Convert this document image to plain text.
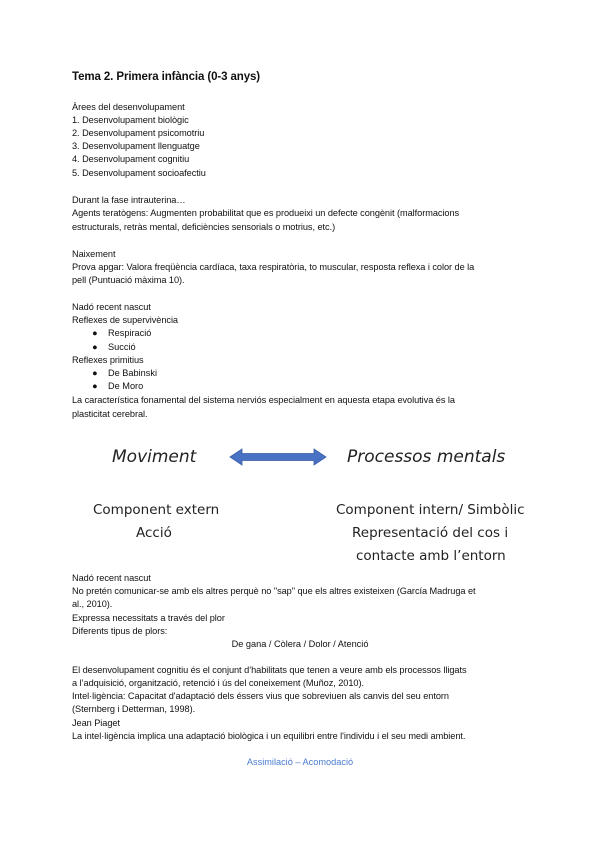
Tema 2. Primera infància (0-3 anys)
Àrees del desenvolupament
1. Desenvolupament biològic
2. Desenvolupament psicomotriu
3. Desenvolupament llenguatge
4. Desenvolupament cognitiu
5. Desenvolupament socioafectiu
Durant la fase intrauterina…
Agents teratògens: Augmenten probabilitat que es produeixi un defecte congènit (malformacions
estructurals, retràs mental, deficiències sensorials o motrius, etc.)
Naixement
Prova apgar: Valora freqüència cardíaca, taxa respiratòria, to muscular, resposta reflexa i color de la
pell (Puntuació màxima 10).
Nadó recent nascut
Reflexes de supervivència
● Respiració
● Succió
Reflexes primitius
● De Babinski
● De Moro
La característica fonamental del sistema nerviós especialment en aquesta etapa evolutiva és la
plasticitat cerebral.
Moviment	Processos mentals
Component extern
Acció
Component intern/ Simbòlic
Representació del cos i
contacte amb l’entorn
Nadó recent nascut
No pretén comunicar-se amb els altres perquè no "sap" que els altres existeixen (García Madruga et
al., 2010).
Expressa necessitats a través del plor
Diferents tipus de plors:
De gana / Còlera / Dolor / Atenció
El desenvolupament cognitiu és el conjunt d’habilitats que tenen a veure amb els processos lligats
a l’adquisició, organització, retenció i ús del coneixement (Muñoz, 2010).
Intel·ligència: Capacitat d'adaptació dels éssers vius que sobreviuen als canvis del seu entorn
(Sternberg i Detterman, 1998).
Jean Piaget
La intel·ligència implica una adaptació biològica i un equilibri entre l'individu i el seu medi ambient.
Assimilació – Acomodació
